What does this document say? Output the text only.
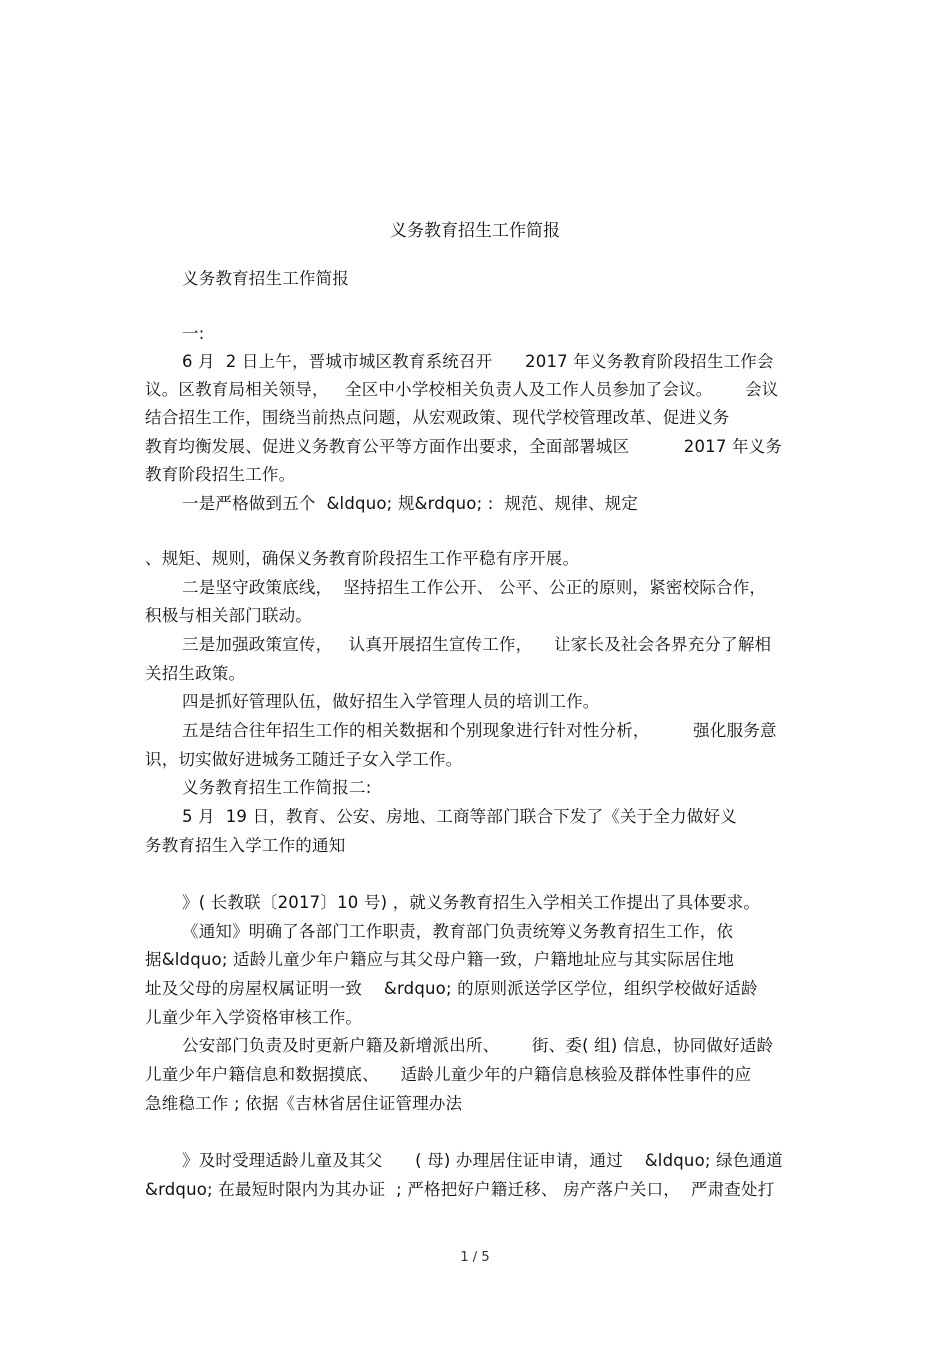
义务教育招生工作简报
义务教育招生工作简报
一:
6 月  2 日上午，晋城市城区教育系统召开      2017 年义务教育阶段招生工作会
议。区教育局相关领导，   全区中小学校相关负责人及工作人员参加了会议。      会议
结合招生工作，围绕当前热点问题，从宏观政策、现代学校管理改革、促进义务
教育均衡发展、促进义务教育公平等方面作出要求，全面部署城区          2017 年义务
教育阶段招生工作。
一是严格做到五个  &ldquo; 规&rdquo; :  规范、规律、规定
、规矩、规则，确保义务教育阶段招生工作平稳有序开展。
二是坚守政策底线，  坚持招生工作公开、 公平、公正的原则，紧密校际合作，
积极与相关部门联动。
三是加强政策宣传，   认真开展招生宣传工作，    让家长及社会各界充分了解相
关招生政策。
四是抓好管理队伍，做好招生入学管理人员的培训工作。
五是结合往年招生工作的相关数据和个别现象进行针对性分析，        强化服务意
识，切实做好进城务工随迁子女入学工作。
义务教育招生工作简报二:
5 月  19 日，教育、公安、房地、工商等部门联合下发了《关于全力做好义
务教育招生入学工作的通知
》( 长教联〔2017〕10 号) ，就义务教育招生入学相关工作提出了具体要求。
《通知》明确了各部门工作职责，教育部门负责统筹义务教育招生工作，依
据&ldquo; 适龄儿童少年户籍应与其父母户籍一致，户籍地址应与其实际居住地
址及父母的房屋权属证明一致    &rdquo; 的原则派送学区学位，组织学校做好适龄
儿童少年入学资格审核工作。
公安部门负责及时更新户籍及新增派出所、      街、委( 组) 信息，协同做好适龄
儿童少年户籍信息和数据摸底、    适龄儿童少年的户籍信息核验及群体性事件的应
急维稳工作 ; 依据《吉林省居住证管理办法
》及时受理适龄儿童及其父      ( 母) 办理居住证申请，通过    &ldquo; 绿色通道
&rdquo; 在最短时限内为其办证  ; 严格把好户籍迁移、 房产落户关口，  严肃查处打
1 / 5
